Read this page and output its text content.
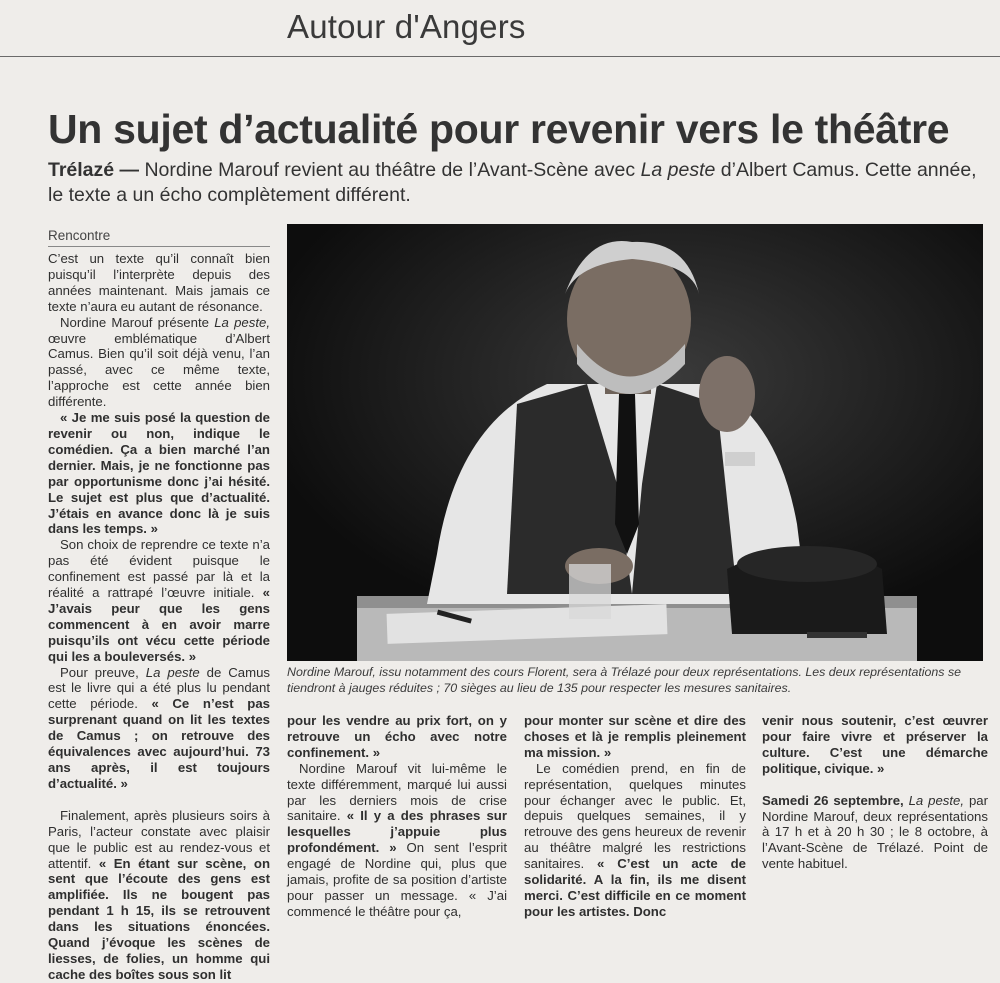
Autour d'Angers
Un sujet d’actualité pour revenir vers le théâtre
Trélazé — Nordine Marouf revient au théâtre de l’Avant-Scène avec La peste d’Albert Camus. Cette année, le texte a un écho complètement différent.
Rencontre

C’est un texte qu’il connaît bien puisqu’il l’interprète depuis des années maintenant. Mais jamais ce texte n’aura eu autant de résonance.

Nordine Marouf présente La peste, œuvre emblématique d’Albert Camus. Bien qu’il soit déjà venu, l’an passé, avec ce même texte, l’approche est cette année bien différente.

« Je me suis posé la question de revenir ou non, indique le comédien. Ça a bien marché l’an dernier. Mais, je ne fonctionne pas par opportunisme donc j’ai hésité. Le sujet est plus que d’actualité. J’étais en avance donc là je suis dans les temps. »

Son choix de reprendre ce texte n’a pas été évident puisque le confinement est passé par là et la réalité a rattrapé l’œuvre initiale. « J’avais peur que les gens commencent à en avoir marre puisqu’ils ont vécu cette période qui les a bouleversés. »

Pour preuve, La peste de Camus est le livre qui a été plus lu pendant cette période. « Ce n’est pas surprenant quand on lit les textes de Camus ; on retrouve des équivalences avec aujourd’hui. 73 ans après, il est toujours d’actualité. »

Finalement, après plusieurs soirs à Paris, l’acteur constate avec plaisir que le public est au rendez-vous et attentif. « En étant sur scène, on sent que l’écoute des gens est amplifiée. Ils ne bougent pas pendant 1 h 15, ils se retrouvent dans les situations énoncées. Quand j’évoque les scènes de liesses, de folies, un homme qui cache des boîtes sous son lit

Nordine Marouf, issu notamment des cours Florent, sera à Trélazé pour deux représentations. Les deux représentations se tiendront à jauges réduites ; 70 sièges au lieu de 135 pour respecter les mesures sanitaires.

pour les vendre au prix fort, on y retrouve un écho avec notre confinement. »

Nordine Marouf vit lui-même le texte différemment, marqué lui aussi par les derniers mois de crise sanitaire. « Il y a des phrases sur lesquelles j’appuie plus profondément. » On sent l’esprit engagé de Nordine qui, plus que jamais, profite de sa position d’artiste pour passer un message. « J’ai commencé le théâtre pour ça,

pour monter sur scène et dire des choses et là je remplis pleinement ma mission. »

Le comédien prend, en fin de représentation, quelques minutes pour échanger avec le public. Et, depuis quelques semaines, il y retrouve des gens heureux de revenir au théâtre malgré les restrictions sanitaires. « C’est un acte de solidarité. A la fin, ils me disent merci. C’est difficile en ce moment pour les artistes. Donc

venir nous soutenir, c’est œuvrer pour faire vivre et préserver la culture. C’est une démarche politique, civique. »

Samedi 26 septembre, La peste, par Nordine Marouf, deux représentations à 17 h et à 20 h 30 ; le 8 octobre, à l’Avant-Scène de Trélazé. Point de vente habituel.
